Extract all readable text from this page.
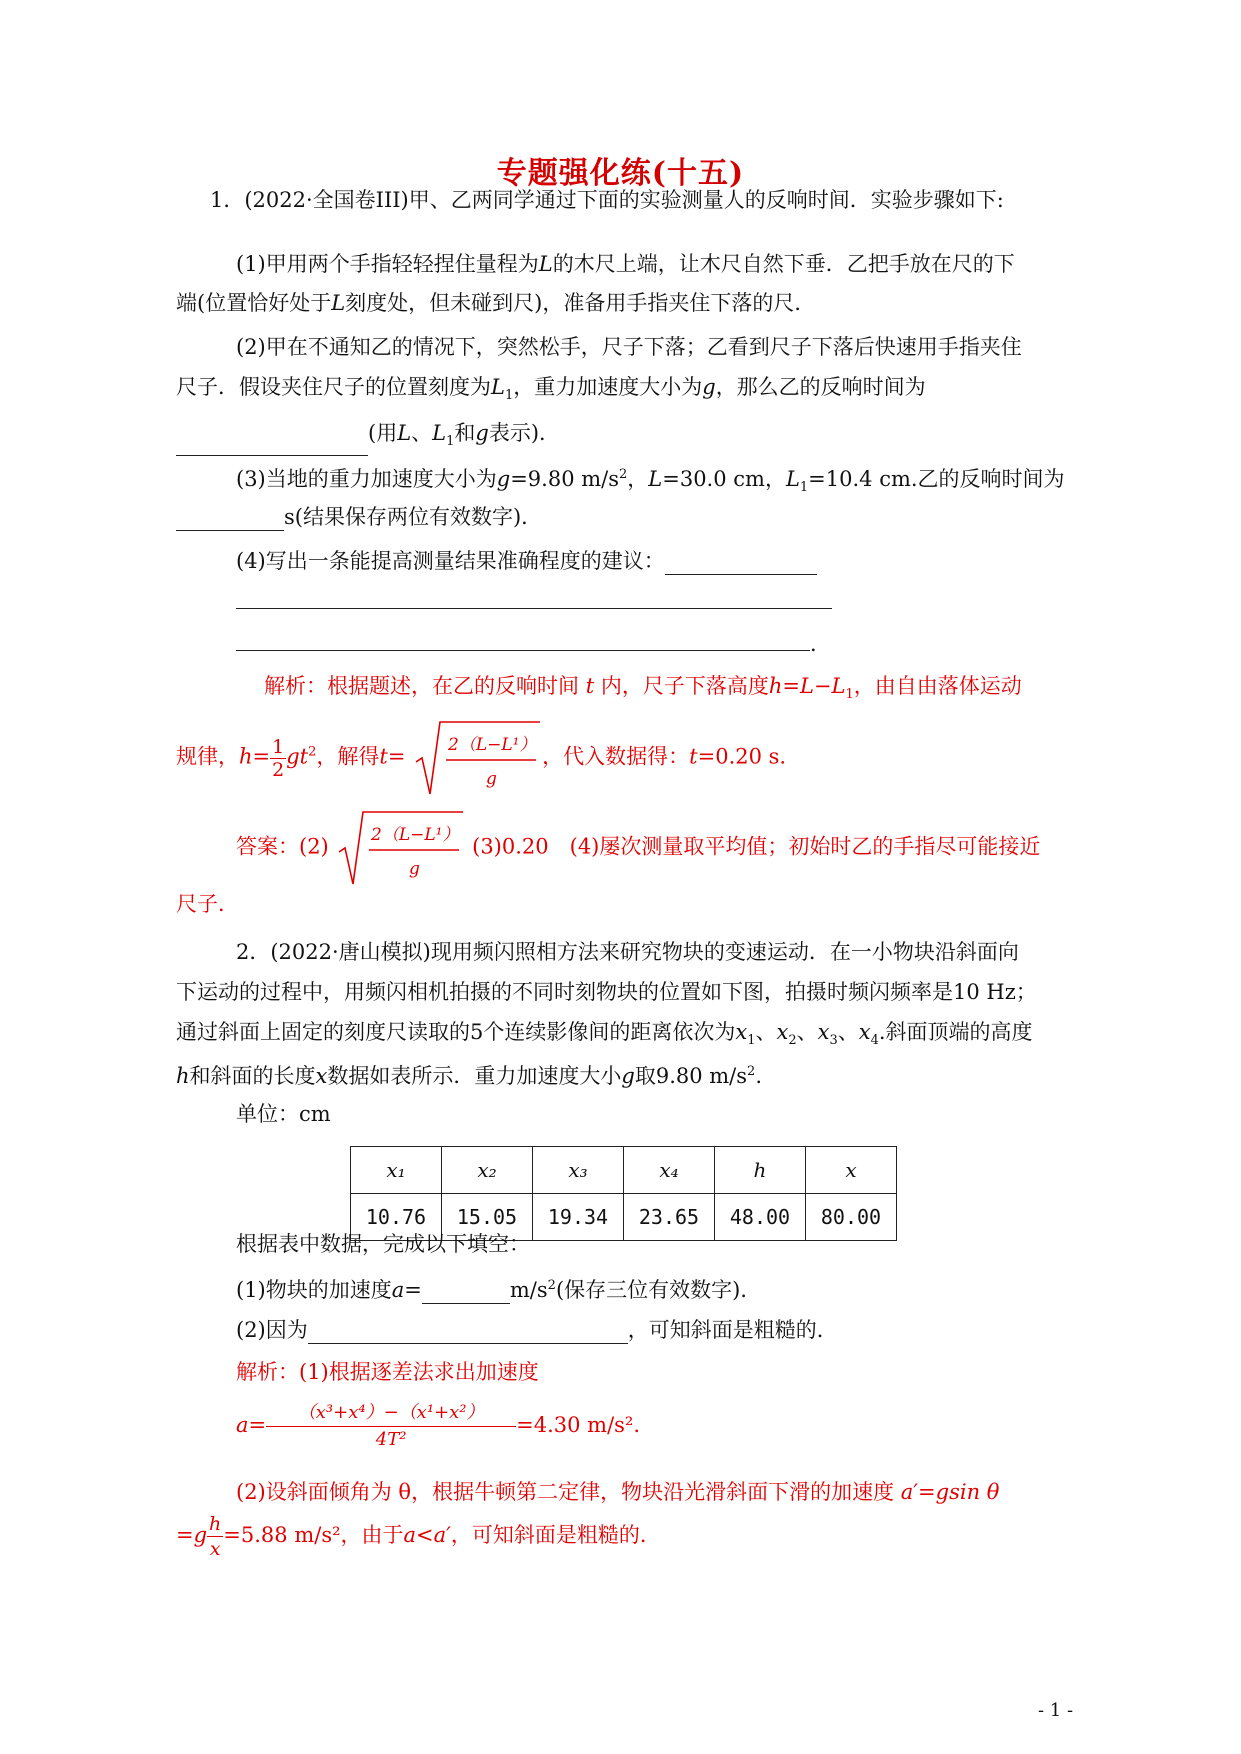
专题强化练(十五)
1．(2022·全国卷III)甲、乙两同学通过下面的实验测量人的反响时间．实验步骤如下:
(1)甲用两个手指轻轻捏住量程为L的木尺上端，让木尺自然下垂．乙把手放在尺的下
端(位置恰好处于L刻度处，但未碰到尺)，准备用手指夹住下落的尺．
(2)甲在不通知乙的情况下，突然松手，尺子下落；乙看到尺子下落后快速用手指夹住
尺子．假设夹住尺子的位置刻度为$L_1$，重力加速度大小为g，那么乙的反响时间为
(用L、$L_1$和g表示)．
(3)当地的重力加速度大小为g=9.80 $m/s^2$，L=30.0 cm，$L_1=10.4$ cm.乙的反响时间为
s(结果保存两位有效数字)．
(4)写出一条能提高测量结果准确程度的建议：
．
解析：根据题述，在乙的反响时间 t 内，尺子下落高度$h=L-L_1$，由自由落体运动
规律，$h= \frac{1}{2} gt^2$，解得t=	2（L−L¹）
g
，代入数据得：t=0.20 s.
答案：(2)	2（L−L¹）
g
(3)0.20　(4)屡次测量取平均值；初始时乙的手指尽可能接近
尺子．
2．(2022·唐山模拟)现用频闪照相方法来研究物块的变速运动．在一小物块沿斜面向
下运动的过程中，用频闪相机拍摄的不同时刻物块的位置如下图，拍摄时频闪频率是10 Hz；
通过斜面上固定的刻度尺读取的5个连续影像间的距离依次为$x_1$、$x_2$、$x_3$、$x_4$.斜面顶端的高度
h和斜面的长度x数据如表所示．重力加速度大小g取9.80 $m/s^2$.
单位：cm
x₁	x₂	x₃	x₄	h	x
10.76	15.05	19.34	23.65	48.00	80.00
根据表中数据，完成以下填空：
(1)物块的加速度a=	$m/s^2$(保存三位有效数字)．
(2)因为	，可知斜面是粗糙的．
解析：(1)根据逐差法求出加速度
$a= \frac{\text{（x³+x⁴）−（x¹+x²）}}{\text{4T²}} =4.30$ m/s².
(2)设斜面倾角为 θ，根据牛顿第二定律，物块沿光滑斜面下滑的加速度 a′=gsin θ
$=g \frac{h}{x} =5.88$ m/s²，由于a<a′，可知斜面是粗糙的．
- 1 -
